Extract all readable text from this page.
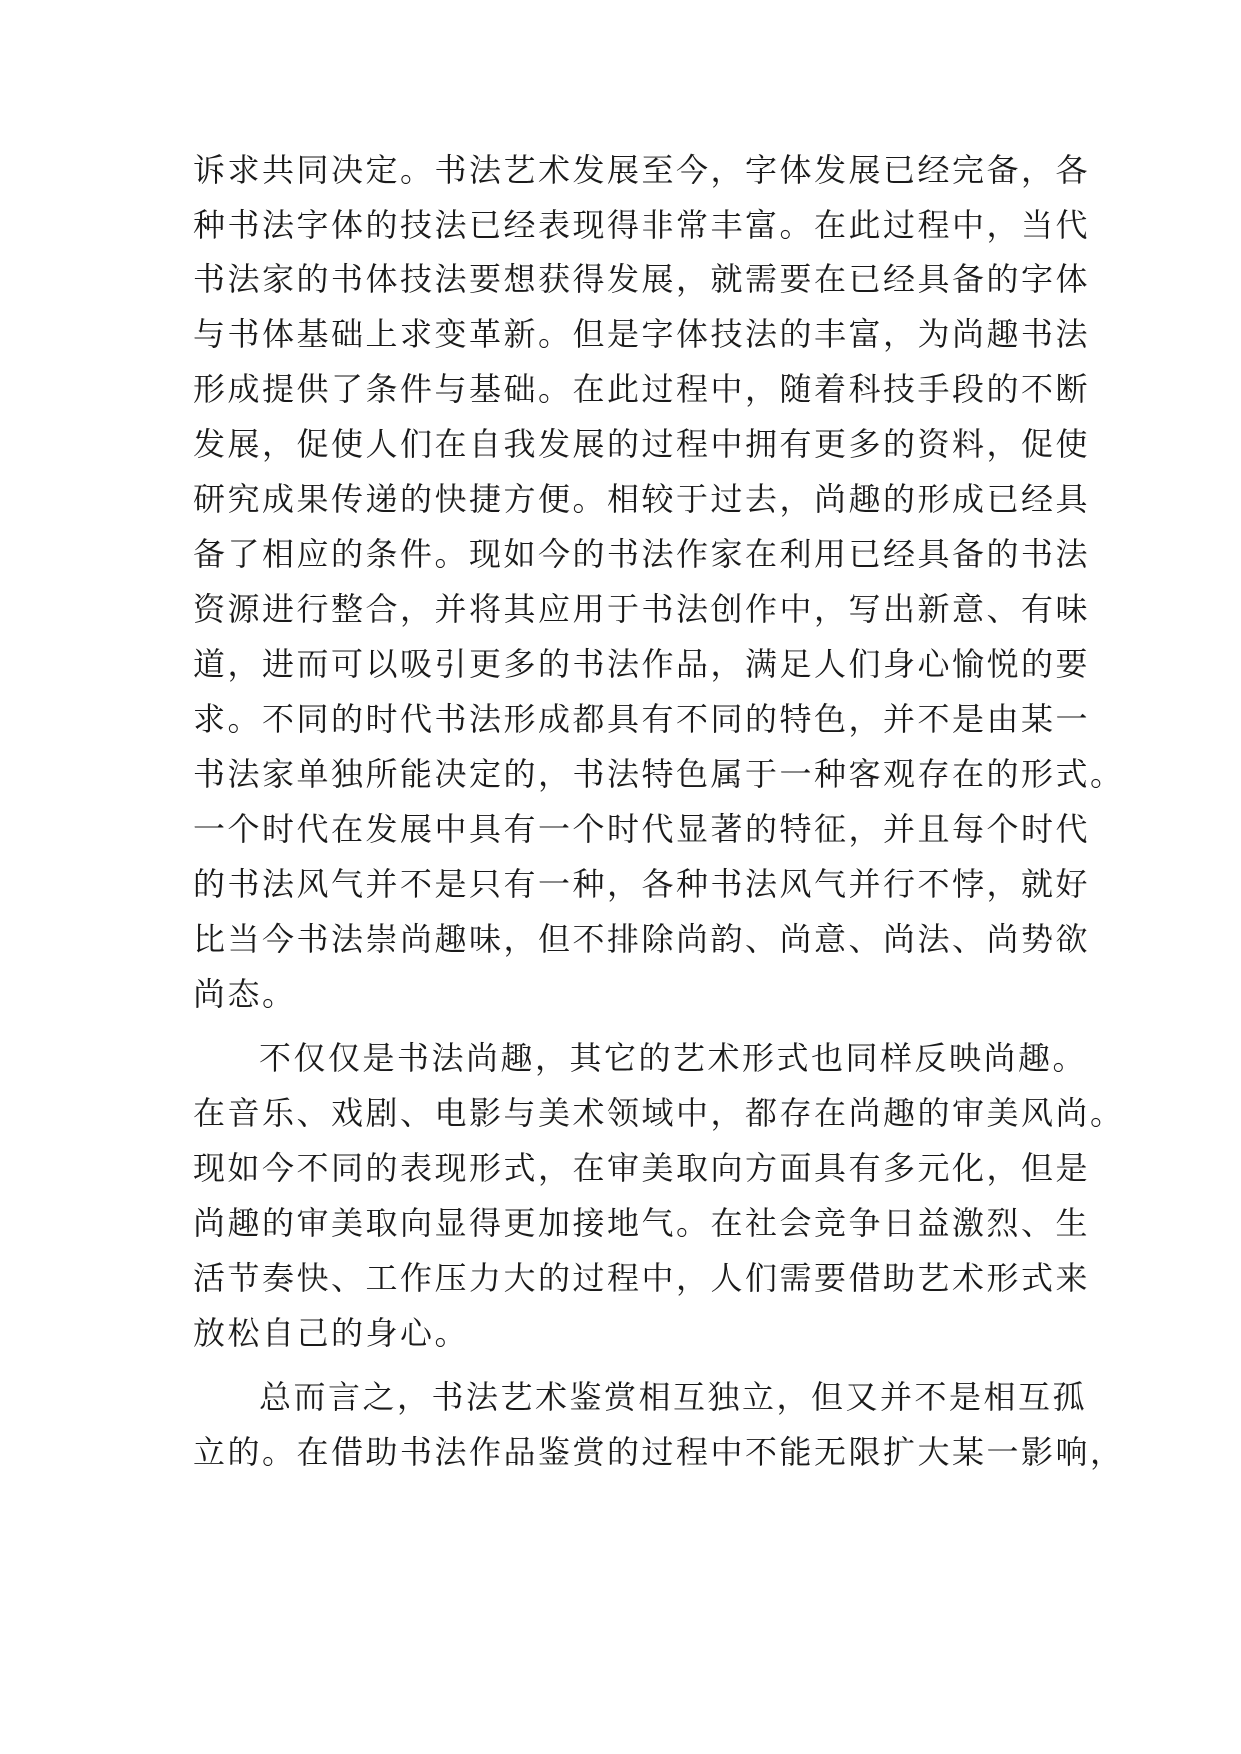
诉求共同决定。书法艺术发展至今，字体发展已经完备，各
种书法字体的技法已经表现得非常丰富。在此过程中，当代
书法家的书体技法要想获得发展，就需要在已经具备的字体
与书体基础上求变革新。但是字体技法的丰富，为尚趣书法
形成提供了条件与基础。在此过程中，随着科技手段的不断
发展，促使人们在自我发展的过程中拥有更多的资料，促使
研究成果传递的快捷方便。相较于过去，尚趣的形成已经具
备了相应的条件。现如今的书法作家在利用已经具备的书法
资源进行整合，并将其应用于书法创作中，写出新意、有味
道，进而可以吸引更多的书法作品，满足人们身心愉悦的要
求。不同的时代书法形成都具有不同的特色，并不是由某一
书法家单独所能决定的，书法特色属于一种客观存在的形式。
一个时代在发展中具有一个时代显著的特征，并且每个时代
的书法风气并不是只有一种，各种书法风气并行不悖，就好
比当今书法崇尚趣味，但不排除尚韵、尚意、尚法、尚势欲
尚态。
不仅仅是书法尚趣，其它的艺术形式也同样反映尚趣。
在音乐、戏剧、电影与美术领域中，都存在尚趣的审美风尚。
现如今不同的表现形式，在审美取向方面具有多元化，但是
尚趣的审美取向显得更加接地气。在社会竞争日益激烈、生
活节奏快、工作压力大的过程中，人们需要借助艺术形式来
放松自己的身心。
总而言之，书法艺术鉴赏相互独立，但又并不是相互孤
立的。在借助书法作品鉴赏的过程中不能无限扩大某一影响，
